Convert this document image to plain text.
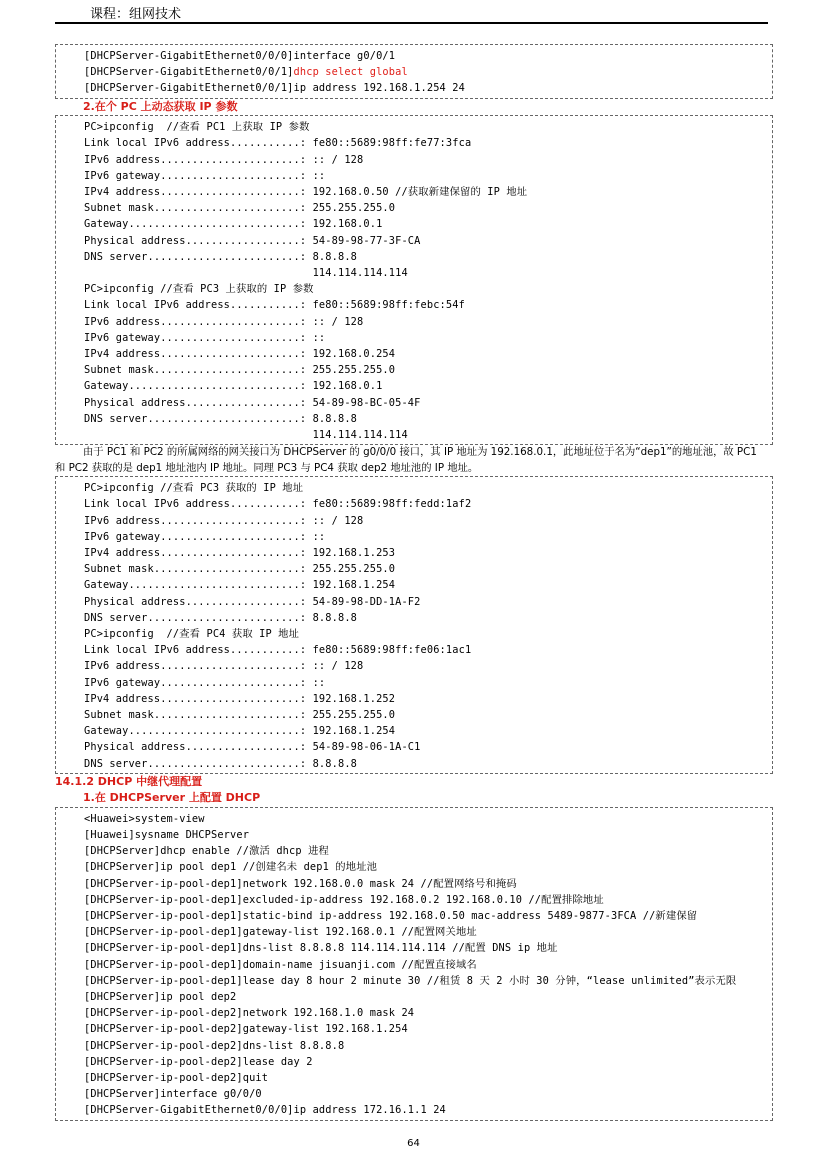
课程：组网技术
[DHCPServer-GigabitEthernet0/0/0]interface g0/0/1
[DHCPServer-GigabitEthernet0/0/1]dhcp select global
[DHCPServer-GigabitEthernet0/0/1]ip address 192.168.1.254 24
2.在个 PC 上动态获取 IP 参数
PC>ipconfig  //查看 PC1 上获取 IP 参数
Link local IPv6 address...........: fe80::5689:98ff:fe77:3fca
IPv6 address......................: :: / 128
IPv6 gateway......................: ::
IPv4 address......................: 192.168.0.50 //获取新建保留的 IP 地址
Subnet mask.......................: 255.255.255.0
Gateway...........................: 192.168.0.1
Physical address..................: 54-89-98-77-3F-CA
DNS server........................: 8.8.8.8
114.114.114.114
PC>ipconfig //查看 PC3 上获取的 IP 参数
Link local IPv6 address...........: fe80::5689:98ff:febc:54f
IPv6 address......................: :: / 128
IPv6 gateway......................: ::
IPv4 address......................: 192.168.0.254
Subnet mask.......................: 255.255.255.0
Gateway...........................: 192.168.0.1
Physical address..................: 54-89-98-BC-05-4F
DNS server........................: 8.8.8.8
114.114.114.114
由于 PC1 和 PC2 的所属网络的网关接口为 DHCPServer 的 g0/0/0 接口，其 IP 地址为 192.168.0.1，此地址位于名为“dep1”的地址池，故 PC1 和 PC2 获取的是 dep1 地址池内 IP 地址。同理 PC3 与 PC4 获取 dep2 地址池的 IP 地址。
PC>ipconfig //查看 PC3 获取的 IP 地址
Link local IPv6 address...........: fe80::5689:98ff:fedd:1af2
IPv6 address......................: :: / 128
IPv6 gateway......................: ::
IPv4 address......................: 192.168.1.253
Subnet mask.......................: 255.255.255.0
Gateway...........................: 192.168.1.254
Physical address..................: 54-89-98-DD-1A-F2
DNS server........................: 8.8.8.8
PC>ipconfig  //查看 PC4 获取 IP 地址
Link local IPv6 address...........: fe80::5689:98ff:fe06:1ac1
IPv6 address......................: :: / 128
IPv6 gateway......................: ::
IPv4 address......................: 192.168.1.252
Subnet mask.......................: 255.255.255.0
Gateway...........................: 192.168.1.254
Physical address..................: 54-89-98-06-1A-C1
DNS server........................: 8.8.8.8
14.1.2 DHCP 中继代理配置
1.在 DHCPServer 上配置 DHCP
<Huawei>system-view
[Huawei]sysname DHCPServer
[DHCPServer]dhcp enable //激活 dhcp 进程
[DHCPServer]ip pool dep1 //创建名未 dep1 的地址池
[DHCPServer-ip-pool-dep1]network 192.168.0.0 mask 24 //配置网络号和掩码
[DHCPServer-ip-pool-dep1]excluded-ip-address 192.168.0.2 192.168.0.10 //配置排除地址
[DHCPServer-ip-pool-dep1]static-bind ip-address 192.168.0.50 mac-address 5489-9877-3FCA //新建保留
[DHCPServer-ip-pool-dep1]gateway-list 192.168.0.1 //配置网关地址
[DHCPServer-ip-pool-dep1]dns-list 8.8.8.8 114.114.114.114 //配置 DNS ip 地址
[DHCPServer-ip-pool-dep1]domain-name jisuanji.com //配置直接域名
[DHCPServer-ip-pool-dep1]lease day 8 hour 2 minute 30 //租赁 8 天 2 小时 30 分钟，“lease unlimited”表示无限
[DHCPServer]ip pool dep2
[DHCPServer-ip-pool-dep2]network 192.168.1.0 mask 24
[DHCPServer-ip-pool-dep2]gateway-list 192.168.1.254
[DHCPServer-ip-pool-dep2]dns-list 8.8.8.8
[DHCPServer-ip-pool-dep2]lease day 2
[DHCPServer-ip-pool-dep2]quit
[DHCPServer]interface g0/0/0
[DHCPServer-GigabitEthernet0/0/0]ip address 172.16.1.1 24
64
